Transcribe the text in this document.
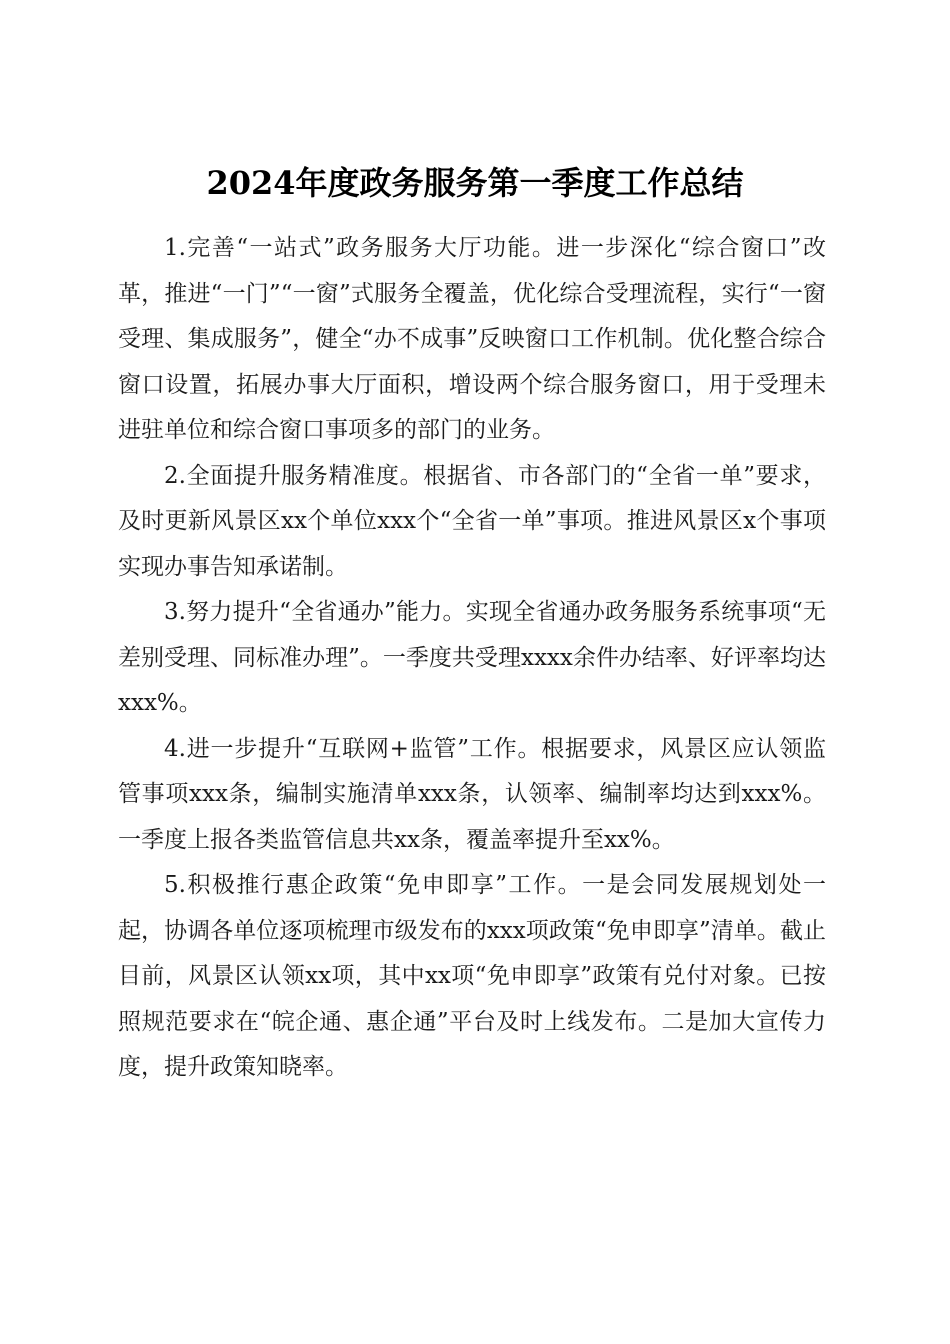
2024年度政务服务第一季度工作总结

1.完善“一站式”政务服务大厅功能。进一步深化“综合窗口”改革，推进“一门”“一窗”式服务全覆盖，优化综合受理流程，实行“一窗受理、集成服务”，健全“办不成事”反映窗口工作机制。优化整合综合窗口设置，拓展办事大厅面积，增设两个综合服务窗口，用于受理未进驻单位和综合窗口事项多的部门的业务。

2.全面提升服务精准度。根据省、市各部门的“全省一单”要求，及时更新风景区xx个单位xxx个“全省一单”事项。推进风景区x个事项实现办事告知承诺制。

3.努力提升“全省通办”能力。实现全省通办政务服务系统事项“无差别受理、同标准办理”。一季度共受理xxxx余件办结率、好评率均达xxx%。

4.进一步提升“互联网+监管”工作。根据要求，风景区应认领监管事项xxx条，编制实施清单xxx条，认领率、编制率均达到xxx%。一季度上报各类监管信息共xx条，覆盖率提升至xx%。

5.积极推行惠企政策“免申即享”工作。一是会同发展规划处一起，协调各单位逐项梳理市级发布的xxx项政策“免申即享”清单。截止目前，风景区认领xx项，其中xx项“免申即享”政策有兑付对象。已按照规范要求在“皖企通、惠企通”平台及时上线发布。二是加大宣传力度，提升政策知晓率。
